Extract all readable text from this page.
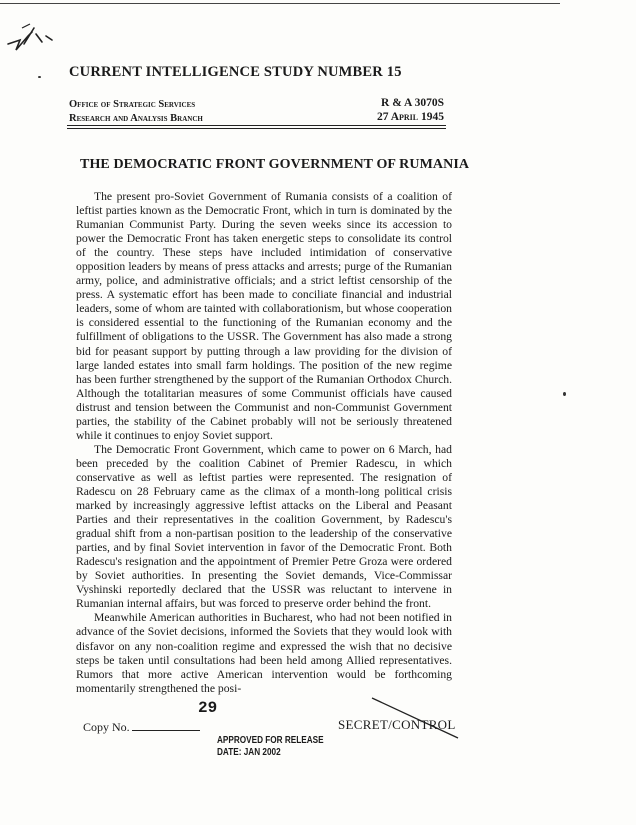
CURRENT INTELLIGENCE STUDY NUMBER 15
Office of Strategic Services
Research and Analysis Branch
R & A 3070S
27 April 1945
THE DEMOCRATIC FRONT GOVERNMENT OF RUMANIA

The present pro-Soviet Government of Rumania consists of a coalition of leftist parties known as the Democratic Front, which in turn is dominated by the Rumanian Communist Party. During the seven weeks since its accession to power the Democratic Front has taken energetic steps to consolidate its control of the country. These steps have included intimidation of conservative opposition leaders by means of press attacks and arrests; purge of the Rumanian army, police, and administrative officials; and a strict leftist censorship of the press. A systematic effort has been made to conciliate financial and industrial leaders, some of whom are tainted with collaborationism, but whose cooperation is considered essential to the functioning of the Rumanian economy and the fulfillment of obligations to the USSR. The Government has also made a strong bid for peasant support by putting through a law providing for the division of large landed estates into small farm holdings. The position of the new regime has been further strengthened by the support of the Rumanian Orthodox Church. Although the totalitarian measures of some Communist officials have caused distrust and tension between the Communist and non-Communist Government parties, the stability of the Cabinet probably will not be seriously threatened while it continues to enjoy Soviet support.

The Democratic Front Government, which came to power on 6 March, had been preceded by the coalition Cabinet of Premier Radescu, in which conservative as well as leftist parties were represented. The resignation of Radescu on 28 February came as the climax of a month-long political crisis marked by increasingly aggressive leftist attacks on the Liberal and Peasant Parties and their representatives in the coalition Government, by Radescu's gradual shift from a non-partisan position to the leadership of the conservative parties, and by final Soviet intervention in favor of the Democratic Front. Both Radescu's resignation and the appointment of Premier Petre Groza were ordered by Soviet authorities. In presenting the Soviet demands, Vice-Commissar Vyshinski reportedly declared that the USSR was reluctant to intervene in Rumanian internal affairs, but was forced to preserve order behind the front.

Meanwhile American authorities in Bucharest, who had not been notified in advance of the Soviet decisions, informed the Soviets that they would look with disfavor on any non-coalition regime and expressed the wish that no decisive steps be taken until consultations had been held among Allied representatives. Rumors that more active American intervention would be forthcoming momentarily strengthened the posi-

29
Copy No.	SECRET/CONTROL
APPROVED FOR RELEASE
DATE: JAN 2002
